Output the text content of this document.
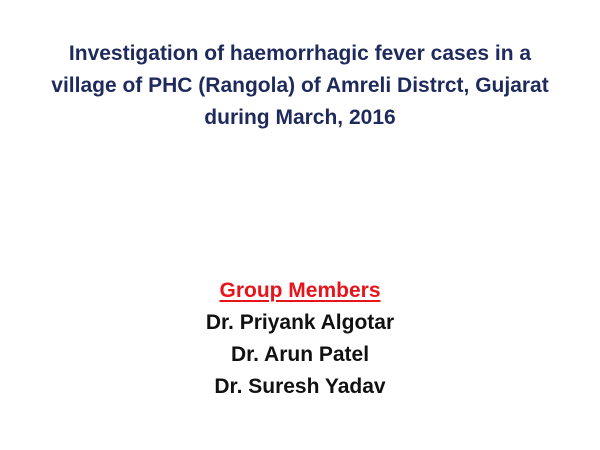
Investigation of haemorrhagic fever cases in a
village of PHC (Rangola) of Amreli Distrct, Gujarat
during March, 2016
Group Members
Dr. Priyank Algotar
Dr. Arun Patel
Dr. Suresh Yadav
